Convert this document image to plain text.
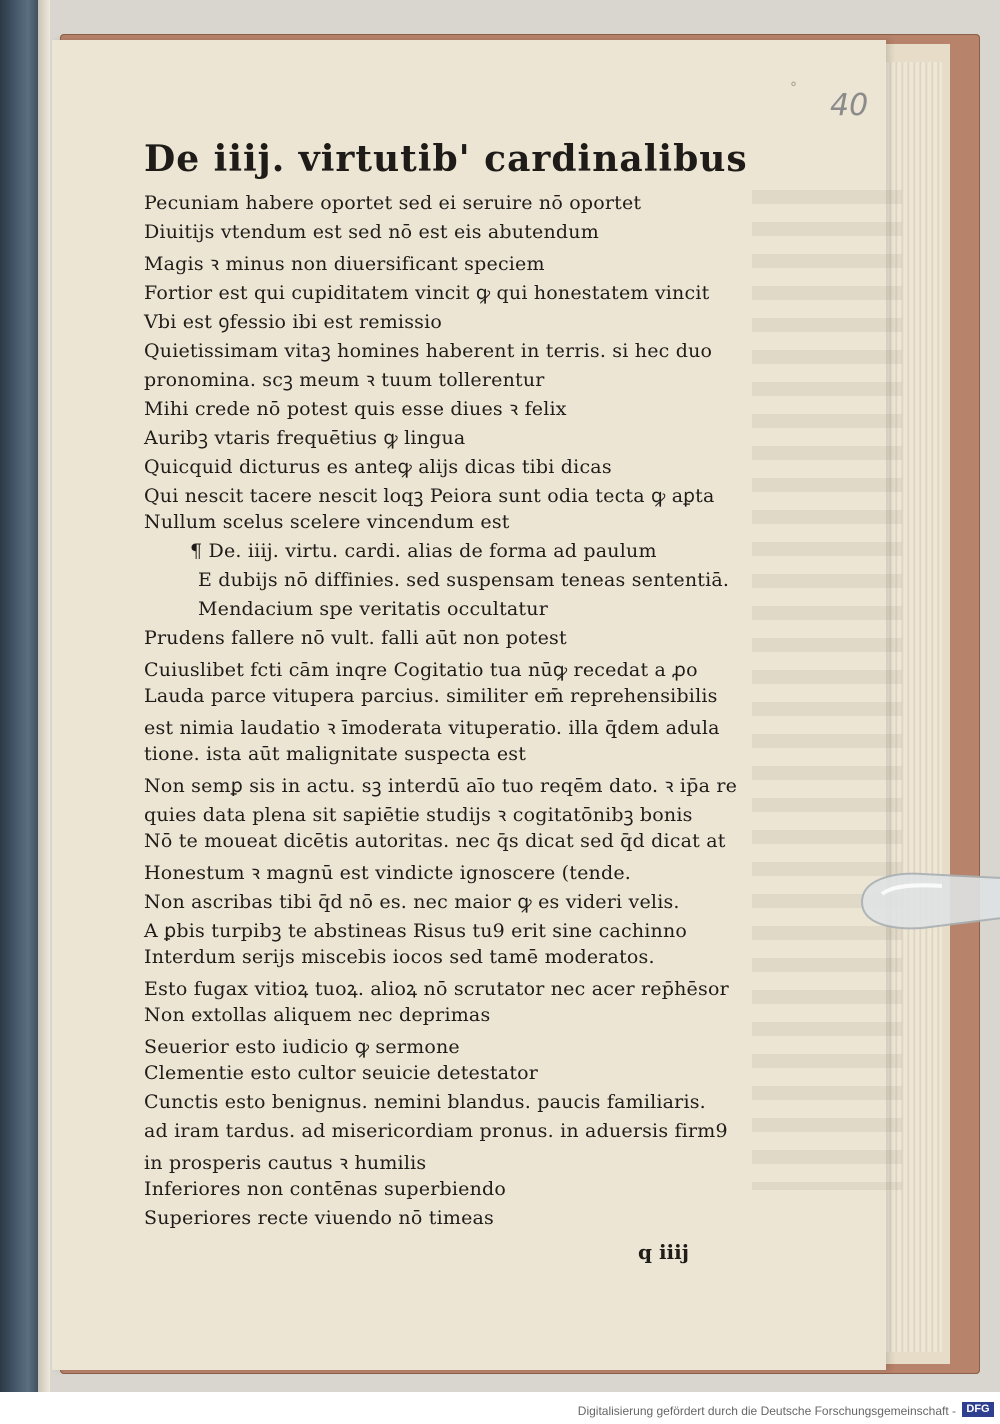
° 40
De iiij. virtutib' cardinalibus
Pecuniam habere oportet sed ei seruire nō oportet
Diuitijs vtendum est sed nō est eis abutendum
Magis ꝛ minus non diuersificant speciem
Fortior est qui cupiditatem vincit ꝙ qui honestatem vincit
Vbi est ꝯfessio ibi est remissio
Quietissimam vitaꝫ homines haberent in terris. si hec duo
pronomina. scꝫ meum ꝛ tuum tollerentur
Mihi crede nō potest quis esse diues ꝛ felix
Auribꝫ vtaris frequētius ꝙ lingua
Quicquid dicturus es anteꝙ alijs dicas tibi dicas
Qui nescit tacere nescit loqꝫ Peiora sunt odia tecta ꝙ aꝑta
Nullum scelus scelere vincendum est
¶ De. iiij. virtu. cardi. alias de forma ad paulum
E dubijs nō diffinies. sed suspensam teneas sententiā.
Mendacium spe veritatis occultatur
Prudens fallere nō vult. falli aūt non potest
Cuiuslibet fcti cām inqre Cogitatio tua nūꝙ recedat a ꝓo
Lauda parce vitupera parcius. similiter em̄ reprehensibilis
est nimia laudatio ꝛ īmoderata vituperatio. illa q̄dem adula
tione. ista aūt malignitate suspecta est
Non semꝑ sis in actu. sꝫ interdū aīo tuo reqēm dato. ꝛ ip̄a re
quies data plena sit sapiētie studijs ꝛ cogitatōnibꝫ bonis
Nō te moueat dicētis autoritas. nec q̄s dicat sed q̄d dicat at
Honestum ꝛ magnū est vindicte ignoscere (tende.
Non ascribas tibi q̄d nō es. nec maior ꝙ es videri velis.
A ꝑbis turpibꝫ te abstineas Risus tu9 erit sine cachinno
Interdum serijs miscebis iocos sed tamē moderatos.
Esto fugax vitioꝝ tuoꝝ. alioꝝ nō scrutator nec acer rep̄hēsor
Non extollas aliquem nec deprimas
Seuerior esto iudicio ꝙ sermone
Clementie esto cultor seuicie detestator
Cunctis esto benignus. nemini blandus. paucis familiaris.
ad iram tardus. ad misericordiam pronus. in aduersis firm9
in prosperis cautus ꝛ humilis
Inferiores non contēnas superbiendo
Superiores recte viuendo nō timeas
q iiij
Digitalisierung gefördert durch die Deutsche Forschungsgemeinschaft - DFG
